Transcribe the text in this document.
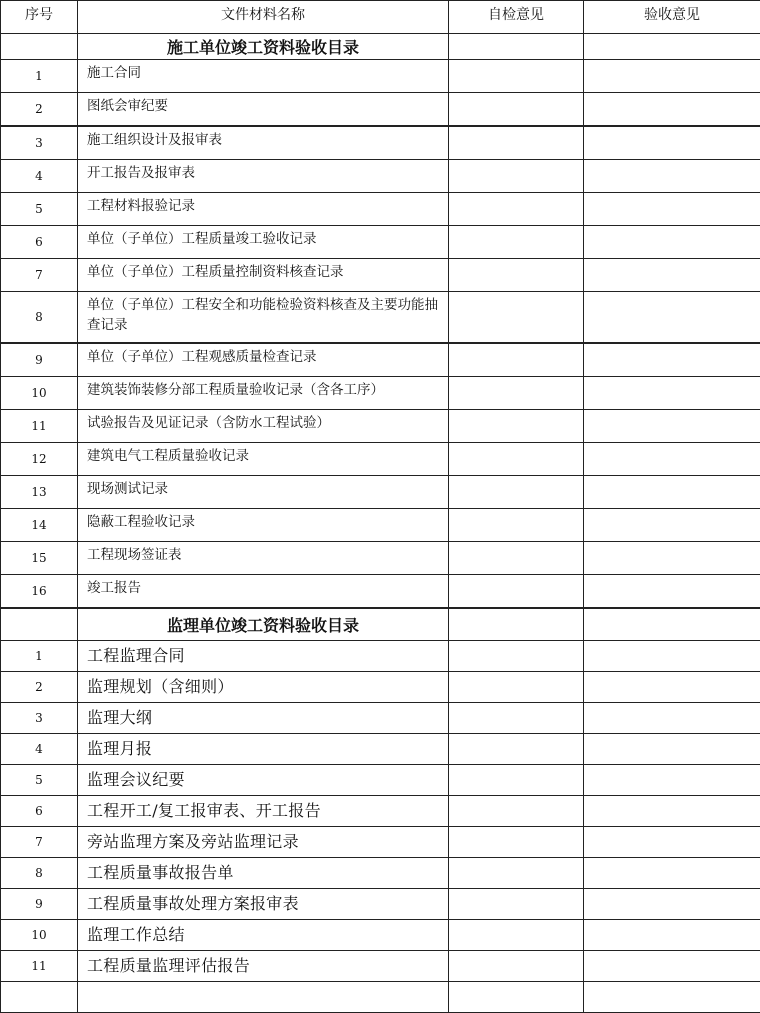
序号	文件材料名称	自检意见	验收意见
	施工单位竣工资料验收目录		
1	施工合同		
2	图纸会审纪要		
3	施工组织设计及报审表		
4	开工报告及报审表		
5	工程材料报验记录		
6	单位（子单位）工程质量竣工验收记录		
7	单位（子单位）工程质量控制资料核查记录		
8	单位（子单位）工程安全和功能检验资料核查及主要功能抽查记录		
9	单位（子单位）工程观感质量检查记录		
10	建筑装饰装修分部工程质量验收记录（含各工序）		
11	试验报告及见证记录（含防水工程试验）		
12	建筑电气工程质量验收记录		
13	现场测试记录		
14	隐蔽工程验收记录		
15	工程现场签证表		
16	竣工报告		
	监理单位竣工资料验收目录		
1	工程监理合同		
2	监理规划（含细则）		
3	监理大纲		
4	监理月报		
5	监理会议纪要		
6	工程开工/复工报审表、开工报告		
7	旁站监理方案及旁站监理记录		
8	工程质量事故报告单		
9	工程质量事故处理方案报审表		
10	监理工作总结		
11	工程质量监理评估报告		
